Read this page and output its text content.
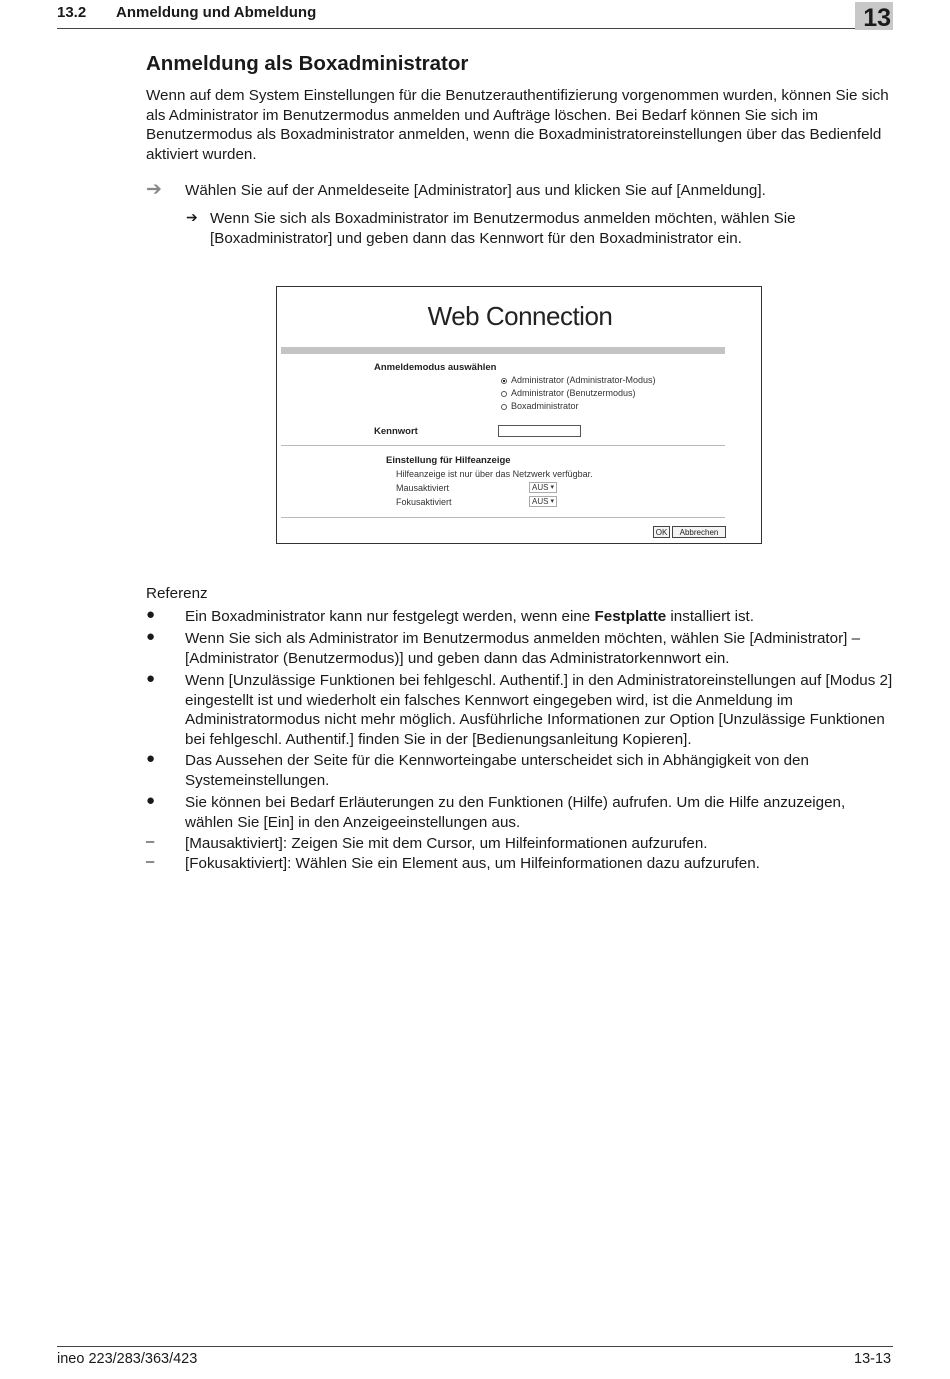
13.2 Anmeldung und Abmeldung	13
Anmeldung als Boxadministrator
Wenn auf dem System Einstellungen für die Benutzerauthentifizierung vorgenommen wurden, können Sie sich als Administrator im Benutzermodus anmelden und Aufträge löschen. Bei Bedarf können Sie sich im Benutzermodus als Boxadministrator anmelden, wenn die Boxadministratoreinstellungen über das Bedienfeld aktiviert wurden.
➔ Wählen Sie auf der Anmeldeseite [Administrator] aus und klicken Sie auf [Anmeldung].
➔ Wenn Sie sich als Boxadministrator im Benutzermodus anmelden möchten, wählen Sie [Boxadministrator] und geben dann das Kennwort für den Boxadministrator ein.
Web Connection
Anmeldemodus auswählen
Administrator (Administrator-Modus)
Administrator (Benutzermodus)
Boxadministrator
Kennwort
Einstellung für Hilfeanzeige
Hilfeanzeige ist nur über das Netzwerk verfügbar.
Mausaktiviert	AUS ▾
Fokusaktiviert	AUS ▾
OK	Abbrechen
Referenz
● Ein Boxadministrator kann nur festgelegt werden, wenn eine Festplatte installiert ist.
● Wenn Sie sich als Administrator im Benutzermodus anmelden möchten, wählen Sie [Administrator] – [Administrator (Benutzermodus)] und geben dann das Administratorkennwort ein.
● Wenn [Unzulässige Funktionen bei fehlgeschl. Authentif.] in den Administratoreinstellungen auf [Modus 2] eingestellt ist und wiederholt ein falsches Kennwort eingegeben wird, ist die Anmeldung im Administratormodus nicht mehr möglich. Ausführliche Informationen zur Option [Unzulässige Funktionen bei fehlgeschl. Authentif.] finden Sie in der [Bedienungsanleitung Kopieren].
● Das Aussehen der Seite für die Kennworteingabe unterscheidet sich in Abhängigkeit von den Systemeinstellungen.
● Sie können bei Bedarf Erläuterungen zu den Funktionen (Hilfe) aufrufen. Um die Hilfe anzuzeigen, wählen Sie [Ein] in den Anzeigeeinstellungen aus.
– [Mausaktiviert]: Zeigen Sie mit dem Cursor, um Hilfeinformationen aufzurufen.
– [Fokusaktiviert]: Wählen Sie ein Element aus, um Hilfeinformationen dazu aufzurufen.
ineo 223/283/363/423	13-13
